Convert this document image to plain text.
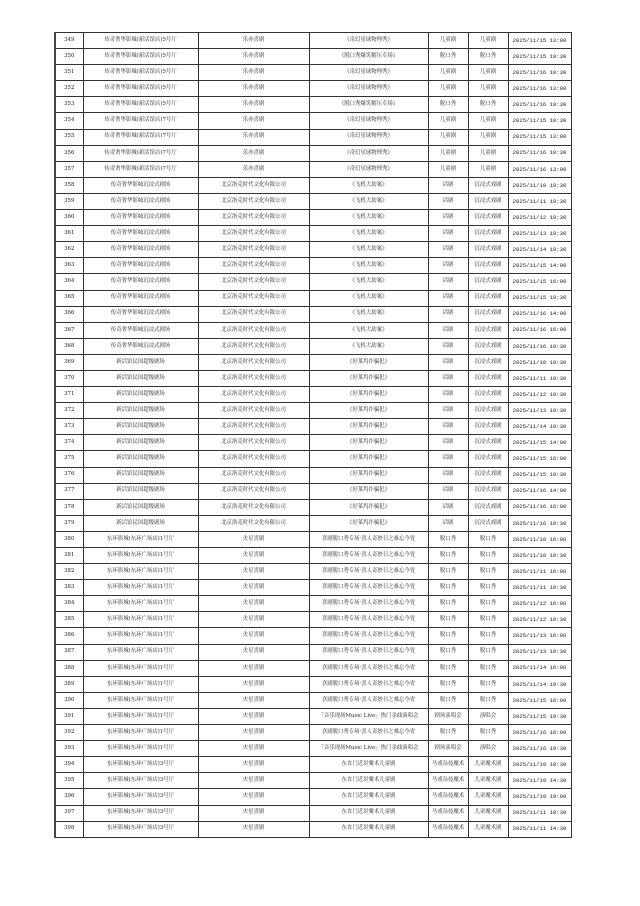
349	传奇奢华影城(新活馆店)5号厅	乐亦喜剧	《奇幻星球物理秀》	儿童剧	儿童剧	2025/11/15 13:00
350	传奇奢华影城(新活馆店)5号厅	乐亦喜剧	《脱口秀爆笑解压专场》	脱口秀	脱口秀	2025/11/15 19:30
351	传奇奢华影城(新活馆店)5号厅	乐亦喜剧	《奇幻星球物理秀》	儿童剧	儿童剧	2025/11/16 10:30
352	传奇奢华影城(新活馆店)5号厅	乐亦喜剧	《奇幻星球物理秀》	儿童剧	儿童剧	2025/11/16 13:00
353	传奇奢华影城(新活馆店)5号厅	乐亦喜剧	《脱口秀爆笑解压专场》	脱口秀	脱口秀	2025/11/16 19:30
354	传奇奢华影城(新活馆店)7号厅	乐亦喜剧	《奇幻星球物理秀》	儿童剧	儿童剧	2025/11/15 10:30
355	传奇奢华影城(新活馆店)7号厅	乐亦喜剧	《奇幻星球物理秀》	儿童剧	儿童剧	2025/11/15 13:00
356	传奇奢华影城(新活馆店)7号厅	乐亦喜剧	《奇幻星球物理秀》	儿童剧	儿童剧	2025/11/16 10:30
357	传奇奢华影城(新活馆店)7号厅	乐亦喜剧	《奇幻星球物理秀》	儿童剧	儿童剧	2025/11/16 13:00
358	传奇奢华影城沉浸式剧场	北京洛克时代文化有限公司	《飞机大劫案》	话剧	沉浸式戏剧	2025/11/10 19:30
359	传奇奢华影城沉浸式剧场	北京洛克时代文化有限公司	《飞机大劫案》	话剧	沉浸式戏剧	2025/11/11 19:30
360	传奇奢华影城沉浸式剧场	北京洛克时代文化有限公司	《飞机大劫案》	话剧	沉浸式戏剧	2025/11/12 19:30
361	传奇奢华影城沉浸式剧场	北京洛克时代文化有限公司	《飞机大劫案》	话剧	沉浸式戏剧	2025/11/13 19:30
362	传奇奢华影城沉浸式剧场	北京洛克时代文化有限公司	《飞机大劫案》	话剧	沉浸式戏剧	2025/11/14 19:30
363	传奇奢华影城沉浸式剧场	北京洛克时代文化有限公司	《飞机大劫案》	话剧	沉浸式戏剧	2025/11/15 14:00
364	传奇奢华影城沉浸式剧场	北京洛克时代文化有限公司	《飞机大劫案》	话剧	沉浸式戏剧	2025/11/15 16:00
365	传奇奢华影城沉浸式剧场	北京洛克时代文化有限公司	《飞机大劫案》	话剧	沉浸式戏剧	2025/11/15 19:30
366	传奇奢华影城沉浸式剧场	北京洛克时代文化有限公司	《飞机大劫案》	话剧	沉浸式戏剧	2025/11/16 14:00
367	传奇奢华影城沉浸式剧场	北京洛克时代文化有限公司	《飞机大劫案》	话剧	沉浸式戏剧	2025/11/16 16:00
368	传奇奢华影城沉浸式剧场	北京洛克时代文化有限公司	《飞机大劫案》	话剧	沉浸式戏剧	2025/11/16 19:30
369	新活馆民国超级剧场	北京洛克时代文化有限公司	《好莱坞诈骗犯》	话剧	沉浸式戏剧	2025/11/10 19:30
370	新活馆民国超级剧场	北京洛克时代文化有限公司	《好莱坞诈骗犯》	话剧	沉浸式戏剧	2025/11/11 19:30
371	新活馆民国超级剧场	北京洛克时代文化有限公司	《好莱坞诈骗犯》	话剧	沉浸式戏剧	2025/11/12 19:30
372	新活馆民国超级剧场	北京洛克时代文化有限公司	《好莱坞诈骗犯》	话剧	沉浸式戏剧	2025/11/13 19:30
373	新活馆民国超级剧场	北京洛克时代文化有限公司	《好莱坞诈骗犯》	话剧	沉浸式戏剧	2025/11/14 19:30
374	新活馆民国超级剧场	北京洛克时代文化有限公司	《好莱坞诈骗犯》	话剧	沉浸式戏剧	2025/11/15 14:00
375	新活馆民国超级剧场	北京洛克时代文化有限公司	《好莱坞诈骗犯》	话剧	沉浸式戏剧	2025/11/15 16:00
376	新活馆民国超级剧场	北京洛克时代文化有限公司	《好莱坞诈骗犯》	话剧	沉浸式戏剧	2025/11/15 19:30
377	新活馆民国超级剧场	北京洛克时代文化有限公司	《好莱坞诈骗犯》	话剧	沉浸式戏剧	2025/11/16 14:00
378	新活馆民国超级剧场	北京洛克时代文化有限公司	《好莱坞诈骗犯》	话剧	沉浸式戏剧	2025/11/16 16:00
379	新活馆民国超级剧场	北京洛克时代文化有限公司	《好莱坞诈骗犯》	话剧	沉浸式戏剧	2025/11/16 19:30
380	东环影城(东环广场店)1号厅	火星喜剧	喜剧脱口秀专场·喜人奇妙日之难忘今宵	脱口秀	脱口秀	2025/11/10 16:00
381	东环影城(东环广场店)1号厅	火星喜剧	喜剧脱口秀专场·喜人奇妙日之难忘今宵	脱口秀	脱口秀	2025/11/10 19:30
382	东环影城(东环广场店)1号厅	火星喜剧	喜剧脱口秀专场·喜人奇妙日之难忘今宵	脱口秀	脱口秀	2025/11/11 16:00
383	东环影城(东环广场店)1号厅	火星喜剧	喜剧脱口秀专场·喜人奇妙日之难忘今宵	脱口秀	脱口秀	2025/11/11 19:30
384	东环影城(东环广场店)1号厅	火星喜剧	喜剧脱口秀专场·喜人奇妙日之难忘今宵	脱口秀	脱口秀	2025/11/12 16:00
385	东环影城(东环广场店)1号厅	火星喜剧	喜剧脱口秀专场·喜人奇妙日之难忘今宵	脱口秀	脱口秀	2025/11/12 19:30
386	东环影城(东环广场店)1号厅	火星喜剧	喜剧脱口秀专场·喜人奇妙日之难忘今宵	脱口秀	脱口秀	2025/11/13 16:00
387	东环影城(东环广场店)1号厅	火星喜剧	喜剧脱口秀专场·喜人奇妙日之难忘今宵	脱口秀	脱口秀	2025/11/13 19:30
388	东环影城(东环广场店)1号厅	火星喜剧	喜剧脱口秀专场·喜人奇妙日之难忘今宵	脱口秀	脱口秀	2025/11/14 16:00
389	东环影城(东环广场店)1号厅	火星喜剧	喜剧脱口秀专场·喜人奇妙日之难忘今宵	脱口秀	脱口秀	2025/11/14 19:30
390	东环影城(东环广场店)1号厅	火星喜剧	喜剧脱口秀专场·喜人奇妙日之难忘今宵	脱口秀	脱口秀	2025/11/15 16:00
391	东环影城(东环广场店)1号厅	火星喜剧	「音乐现场Music Live」热门金曲演唱会	剧场演唱会	演唱会	2025/11/15 19:30
392	东环影城(东环广场店)1号厅	火星喜剧	喜剧脱口秀专场·喜人奇妙日之难忘今宵	脱口秀	脱口秀	2025/11/16 16:00
393	东环影城(东环广场店)1号厅	火星喜剧	「音乐现场Music Live」热门金曲演唱会	剧场演唱会	演唱会	2025/11/16 19:30
394	东环影城(东环广场店)3号厅	火星喜剧	东直门近景魔术儿童剧	马戏杂技魔术	儿童魔术剧	2025/11/10 10:30
395	东环影城(东环广场店)3号厅	火星喜剧	东直门近景魔术儿童剧	马戏杂技魔术	儿童魔术剧	2025/11/10 14:30
396	东环影城(东环广场店)3号厅	火星喜剧	东直门近景魔术儿童剧	马戏杂技魔术	儿童魔术剧	2025/11/10 19:00
397	东环影城(东环广场店)3号厅	火星喜剧	东直门近景魔术儿童剧	马戏杂技魔术	儿童魔术剧	2025/11/11 10:30
398	东环影城(东环广场店)3号厅	火星喜剧	东直门近景魔术儿童剧	马戏杂技魔术	儿童魔术剧	2025/11/11 14:30
